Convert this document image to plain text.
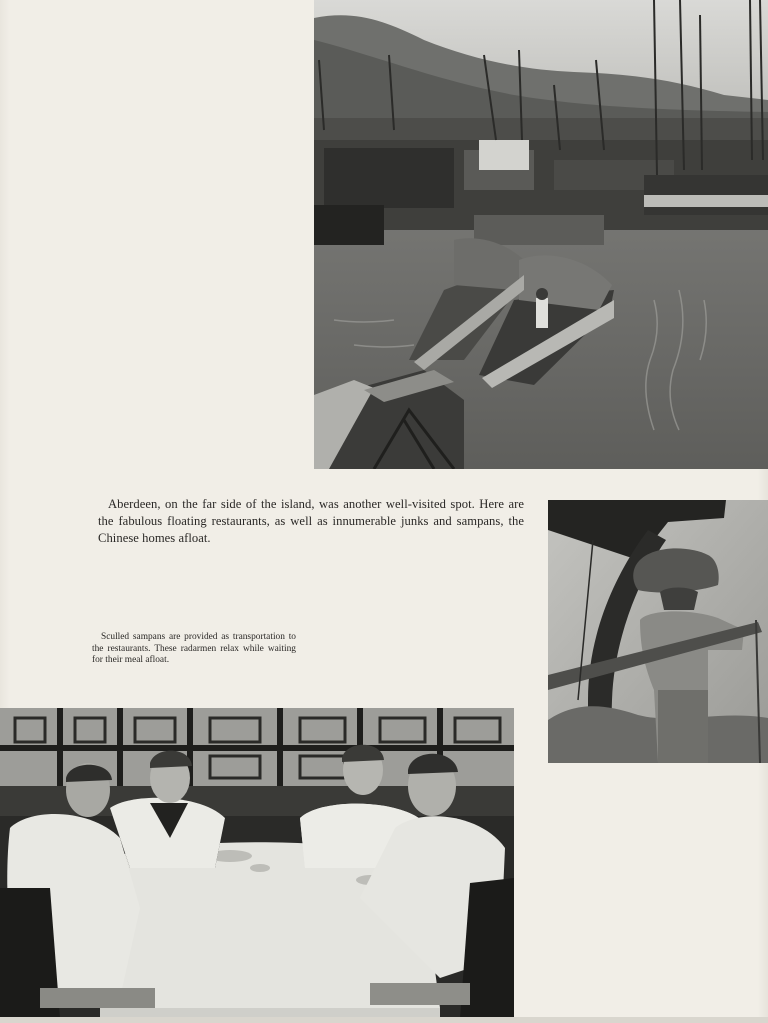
Aberdeen, on the far side of the island, was another well-visited spot. Here are the fabulous floating restaurants, as well as innumerable junks and sampans, the Chinese homes afloat.

Sculled sampans are provided as transportation to the restaurants. These radarmen relax while waiting for their meal afloat.
